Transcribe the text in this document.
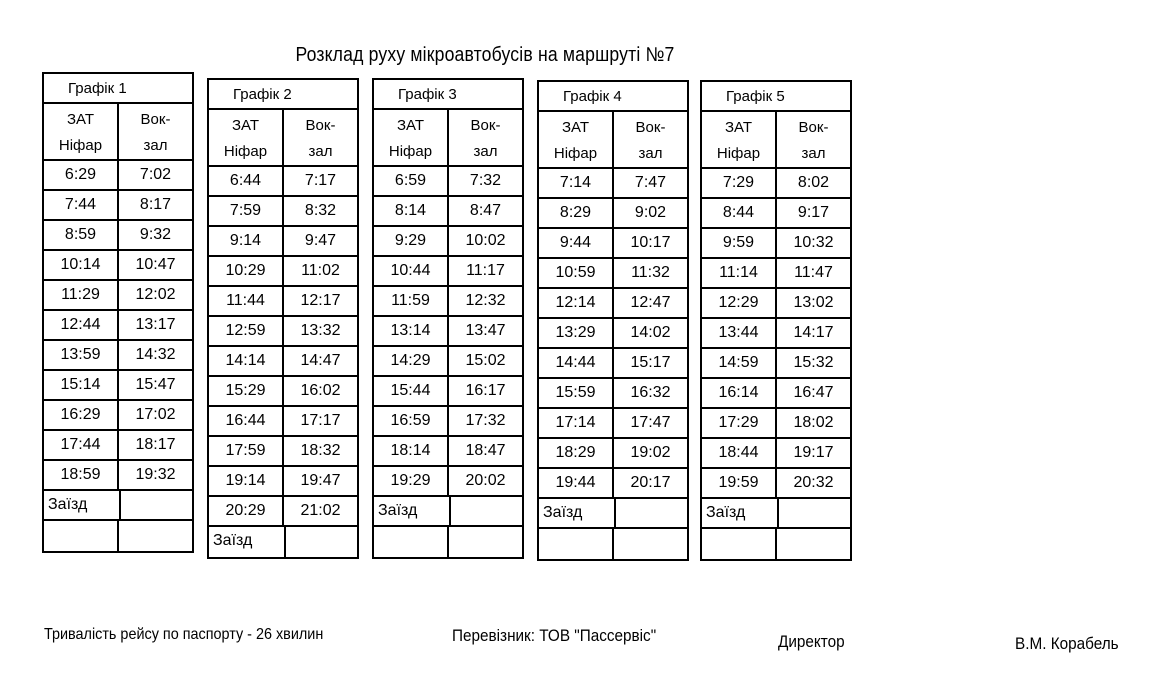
Розклад руху мікроавтобусів на маршруті №7
Графік 1
ЗАТ
Ніфар
Вок-
зал
6:29	7:02
7:44	8:17
8:59	9:32
10:14	10:47
11:29	12:02
12:44	13:17
13:59	14:32
15:14	15:47
16:29	17:02
17:44	18:17
18:59	19:32
Заїзд
Графік 2
ЗАТ
Ніфар
Вок-
зал
6:44	7:17
7:59	8:32
9:14	9:47
10:29	11:02
11:44	12:17
12:59	13:32
14:14	14:47
15:29	16:02
16:44	17:17
17:59	18:32
19:14	19:47
20:29	21:02
Заїзд
Графік 3
ЗАТ
Ніфар
Вок-
зал
6:59	7:32
8:14	8:47
9:29	10:02
10:44	11:17
11:59	12:32
13:14	13:47
14:29	15:02
15:44	16:17
16:59	17:32
18:14	18:47
19:29	20:02
Заїзд
Графік 4
ЗАТ
Ніфар
Вок-
зал
7:14	7:47
8:29	9:02
9:44	10:17
10:59	11:32
12:14	12:47
13:29	14:02
14:44	15:17
15:59	16:32
17:14	17:47
18:29	19:02
19:44	20:17
Заїзд
Графік 5
ЗАТ
Ніфар
Вок-
зал
7:29	8:02
8:44	9:17
9:59	10:32
11:14	11:47
12:29	13:02
13:44	14:17
14:59	15:32
16:14	16:47
17:29	18:02
18:44	19:17
19:59	20:32
Заїзд
Тривалість рейсу по паспорту - 26 хвилин	Перевізник: ТОВ "Пассервіс"	Директор	В.М. Корабель
